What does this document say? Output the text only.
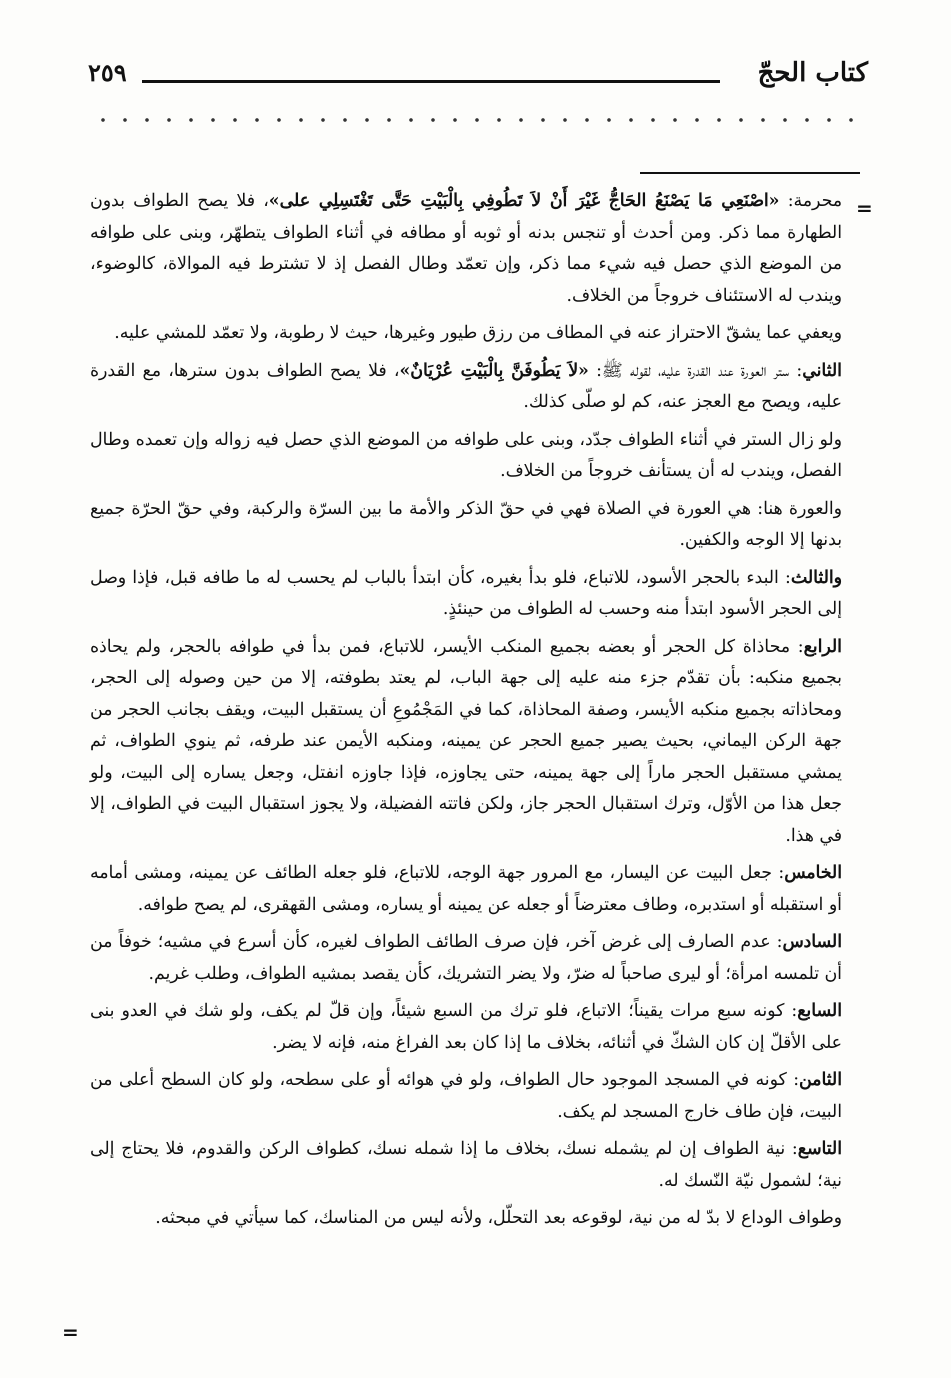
كتاب الحجّ
٢٥٩
=
=

محرمة: «اصْنَعِي مَا يَصْنَعُ الحَاجُّ غَيْرَ أَنْ لاَ تَطُوفِي بِالْبَيْتِ حَتَّى تَغْتَسِلِي على»، فلا يصح الطواف بدون الطهارة مما ذكر. ومن أحدث أو تنجس بدنه أو ثوبه أو مطافه في أثناء الطواف يتطهّر، وبنى على طوافه من الموضع الذي حصل فيه شيء مما ذكر، وإن تعمّد وطال الفصل إذ لا تشترط فيه الموالاة، كالوضوء، ويندب له الاستئناف خروجاً من الخلاف.

ويعفي عما يشقّ الاحتراز عنه في المطاف من رزق طيور وغيرها، حيث لا رطوبة، ولا تعمّد للمشي عليه.

الثاني: ستر العورة عند القدرة عليه، لقوله ﷺ: «لاَ يَطُوفَنَّ بِالْبَيْتِ عُرْيَانٌ»، فلا يصح الطواف بدون سترها، مع القدرة عليه، ويصح مع العجز عنه، كم لو صلّى كذلك.

ولو زال الستر في أثناء الطواف جدّد، وبنى على طوافه من الموضع الذي حصل فيه زواله وإن تعمده وطال الفصل، ويندب له أن يستأنف خروجاً من الخلاف.

والعورة هنا: هي العورة في الصلاة فهي في حقّ الذكر والأمة ما بين السرّة والركبة، وفي حقّ الحرّة جميع بدنها إلا الوجه والكفين.

والثالث: البدء بالحجر الأسود، للاتباع، فلو بدأ بغيره، كأن ابتدأ بالباب لم يحسب له ما طافه قبل، فإذا وصل إلى الحجر الأسود ابتدأ منه وحسب له الطواف من حينئذٍ.

الرابع: محاذاة كل الحجر أو بعضه بجميع المنكب الأيسر، للاتباع، فمن بدأ في طوافه بالحجر، ولم يحاذه بجميع منكبه: بأن تقدّم جزء منه عليه إلى جهة الباب، لم يعتد بطوفته، إلا من حين وصوله إلى الحجر، ومحاذاته بجميع منكبه الأيسر، وصفة المحاذاة، كما في المَجْمُوعِ أن يستقبل البيت، ويقف بجانب الحجر من جهة الركن اليماني، بحيث يصير جميع الحجر عن يمينه، ومنكبه الأيمن عند طرفه، ثم ينوي الطواف، ثم يمشي مستقبل الحجر ماراً إلى جهة يمينه، حتى يجاوزه، فإذا جاوزه انفتل، وجعل يساره إلى البيت، ولو جعل هذا من الأوّل، وترك استقبال الحجر جاز، ولكن فاتته الفضيلة، ولا يجوز استقبال البيت في الطواف، إلا في هذا.

الخامس: جعل البيت عن اليسار، مع المرور جهة الوجه، للاتباع، فلو جعله الطائف عن يمينه، ومشى أمامه أو استقبله أو استدبره، وطاف معترضاً أو جعله عن يمينه أو يساره، ومشى القهقرى، لم يصح طوافه.

السادس: عدم الصارف إلى غرض آخر، فإن صرف الطائف الطواف لغيره، كأن أسرع في مشيه؛ خوفاً من أن تلمسه امرأة؛ أو ليرى صاحباً له ضرّ، ولا يضر التشريك، كأن يقصد بمشيه الطواف، وطلب غريم.

السابع: كونه سبع مرات يقيناً؛ الاتباع، فلو ترك من السبع شيئاً، وإن قلّ لم يكف، ولو شك في العدو بنى على الأقلّ إن كان الشكّ في أثنائه، بخلاف ما إذا كان بعد الفراغ منه، فإنه لا يضر.

الثامن: كونه في المسجد الموجود حال الطواف، ولو في هوائه أو على سطحه، ولو كان السطح أعلى من البيت، فإن طاف خارج المسجد لم يكف.

التاسع: نية الطواف إن لم يشمله نسك، بخلاف ما إذا شمله نسك، كطواف الركن والقدوم، فلا يحتاج إلى نية؛ لشمول نيّة النّسك له.

وطواف الوداع لا بدّ له من نية، لوقوعه بعد التحلّل، ولأنه ليس من المناسك، كما سيأتي في مبحثه.
